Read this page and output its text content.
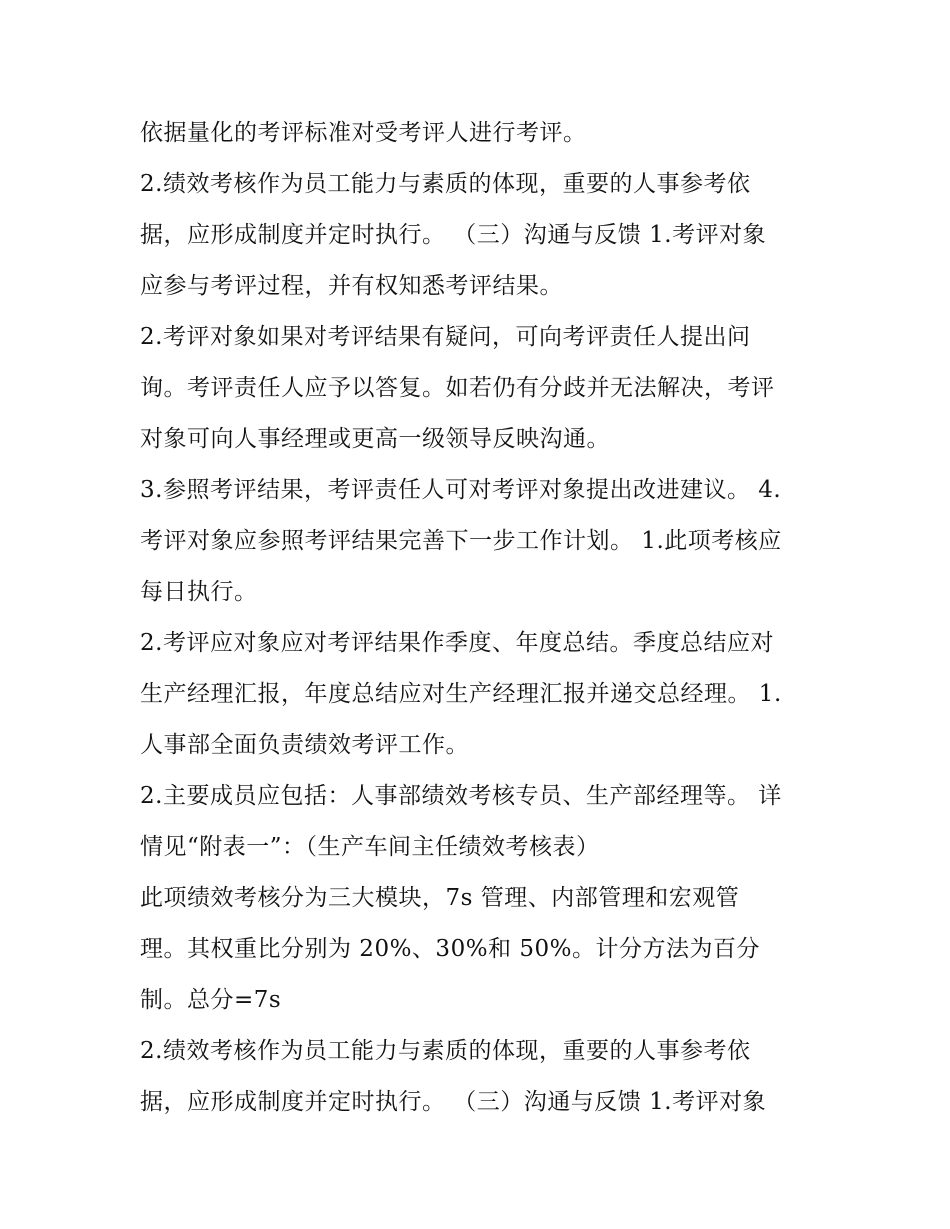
依据量化的考评标准对受考评人进行考评。
2.绩效考核作为员工能力与素质的体现，重要的人事参考依
据，应形成制度并定时执行。 （三）沟通与反馈 1.考评对象
应参与考评过程，并有权知悉考评结果。
2.考评对象如果对考评结果有疑问，可向考评责任人提出问
询。考评责任人应予以答复。如若仍有分歧并无法解决，考评
对象可向人事经理或更高一级领导反映沟通。
3.参照考评结果，考评责任人可对考评对象提出改进建议。 4.
考评对象应参照考评结果完善下一步工作计划。 1.此项考核应
每日执行。
2.考评应对象应对考评结果作季度、年度总结。季度总结应对
生产经理汇报，年度总结应对生产经理汇报并递交总经理。 1.
人事部全面负责绩效考评工作。
2.主要成员应包括：人事部绩效考核专员、生产部经理等。 详
情见“附表一”：（生产车间主任绩效考核表）
此项绩效考核分为三大模块，7s 管理、内部管理和宏观管
理。其权重比分别为 20%、30%和 50%。计分方法为百分
制。总分=7s
2.绩效考核作为员工能力与素质的体现，重要的人事参考依
据，应形成制度并定时执行。 （三）沟通与反馈 1.考评对象
